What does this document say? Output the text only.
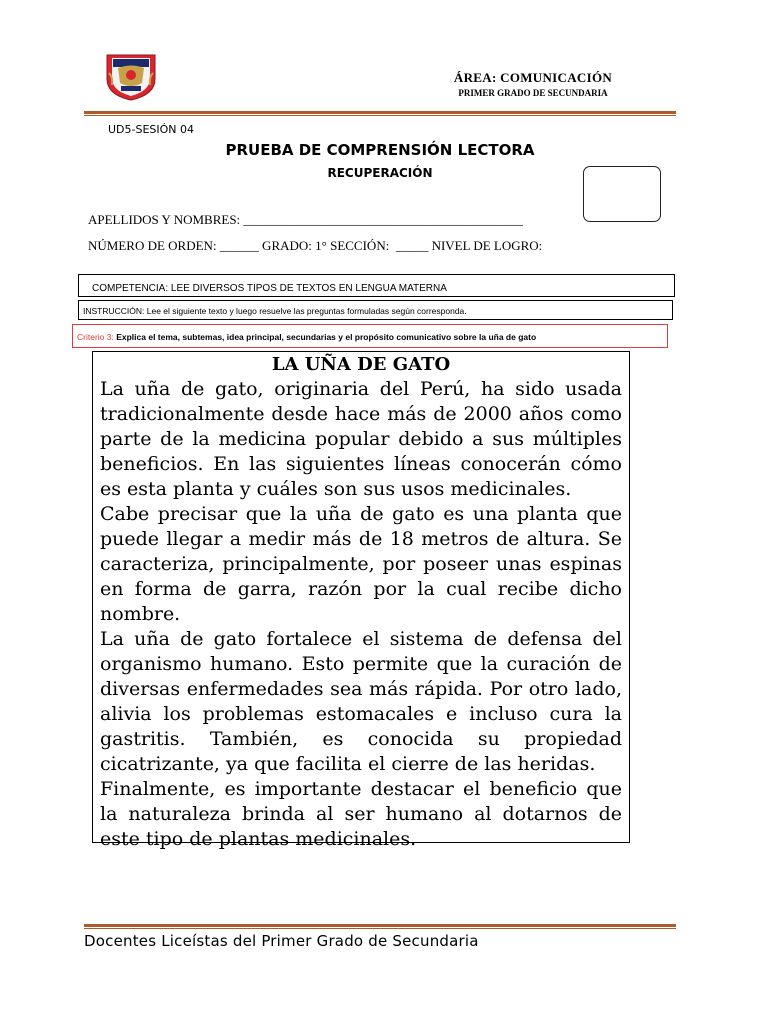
ÁREA: COMUNICACIÓN
PRIMER GRADO DE SECUNDARIA
UD5-SESIÓN 04
PRUEBA DE COMPRENSIÓN LECTORA
RECUPERACIÓN
APELLIDOS Y NOMBRES: ___________________________________________
NÚMERO DE ORDEN: ______ GRADO: 1° SECCIÓN:  _____ NIVEL DE LOGRO:
COMPETENCIA: LEE DIVERSOS TIPOS DE TEXTOS EN LENGUA MATERNA
INSTRUCCIÓN: Lee el siguiente texto y luego resuelve las preguntas formuladas según corresponda.
Criterio 3: Explica el tema, subtemas, idea principal, secundarias y el propósito comunicativo sobre la uña de gato
LA UÑA DE GATO

La uña de gato, originaria del Perú, ha sido usada tradicionalmente desde hace más de 2000 años como parte de la medicina popular debido a sus múltiples beneficios. En las siguientes líneas conocerán cómo es esta planta y cuáles son sus usos medicinales.

Cabe precisar que la uña de gato es una planta que puede llegar a medir más de 18 metros de altura. Se caracteriza, principalmente, por poseer unas espinas en forma de garra, razón por la cual recibe dicho nombre.

La uña de gato fortalece el sistema de defensa del organismo humano. Esto permite que la curación de diversas enfermedades sea más rápida. Por otro lado, alivia los problemas estomacales e incluso cura la gastritis. También, es conocida su propiedad cicatrizante, ya que facilita el cierre de las heridas.

Finalmente, es importante destacar el beneficio que la naturaleza brinda al ser humano al dotarnos de este tipo de plantas medicinales.

Docentes Liceístas del Primer Grado de Secundaria
